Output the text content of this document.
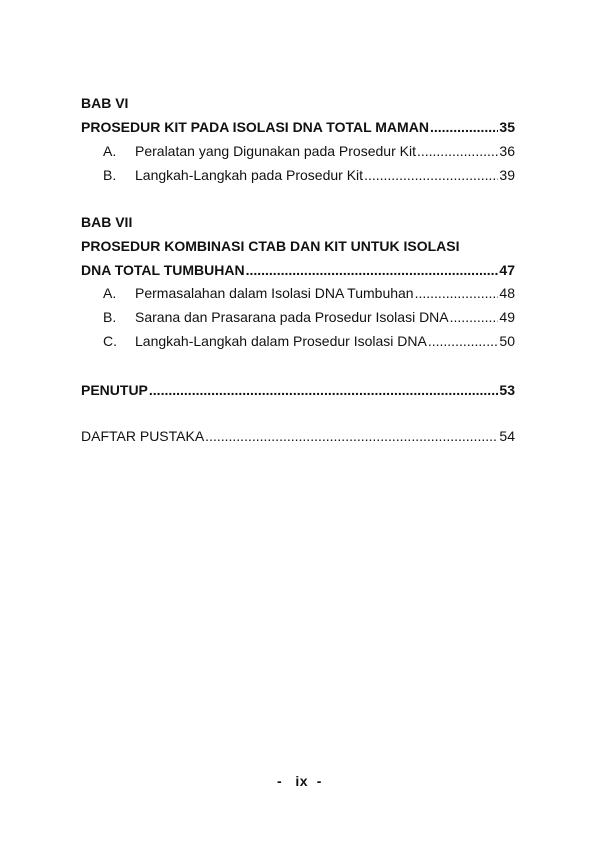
BAB VI
PROSEDUR KIT PADA ISOLASI DNA TOTAL MAMAN .....	35
A.	Peralatan yang Digunakan pada Prosedur Kit .....	36
B.	Langkah-Langkah pada Prosedur Kit .....	39
BAB VII
PROSEDUR KOMBINASI CTAB DAN KIT UNTUK ISOLASI
DNA TOTAL TUMBUHAN .....	47
A.	Permasalahan dalam Isolasi DNA Tumbuhan .....	48
B.	Sarana dan Prasarana pada Prosedur Isolasi DNA .....	49
C.	Langkah-Langkah dalam Prosedur Isolasi DNA .....	50
PENUTUP .....	53
DAFTAR PUSTAKA .....	54
-   ix  -
